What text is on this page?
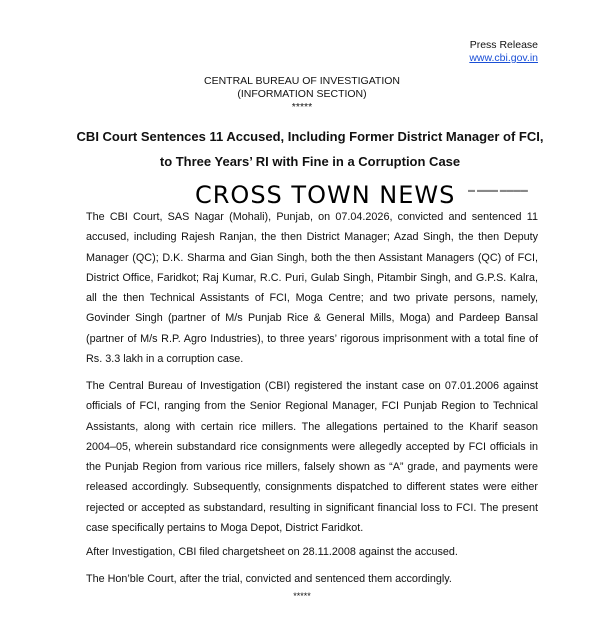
Press Release
www.cbi.gov.in
CENTRAL BUREAU OF INVESTIGATION
(INFORMATION SECTION)
*****
CBI Court Sentences 11 Accused, Including Former District Manager of FCI, to Three Years’ RI with Fine in a Corruption Case
CROSS TOWN NEWS ▬ ▬▬▬ ▬▬▬▬

The CBI Court, SAS Nagar (Mohali), Punjab, on 07.04.2026, convicted and sentenced 11 accused, including Rajesh Ranjan, the then District Manager; Azad Singh, the then Deputy Manager (QC); D.K. Sharma and Gian Singh, both the then Assistant Managers (QC) of FCI, District Office, Faridkot; Raj Kumar, R.C. Puri, Gulab Singh, Pitambir Singh, and G.P.S. Kalra, all the then Technical Assistants of FCI, Moga Centre; and two private persons, namely, Govinder Singh (partner of M/s Punjab Rice & General Mills, Moga) and Pardeep Bansal (partner of M/s R.P. Agro Industries), to three years’ rigorous imprisonment with a total fine of Rs. 3.3 lakh in a corruption case.

The Central Bureau of Investigation (CBI) registered the instant case on 07.01.2006 against officials of FCI, ranging from the Senior Regional Manager, FCI Punjab Region to Technical Assistants, along with certain rice millers. The allegations pertained to the Kharif season 2004–05, wherein substandard rice consignments were allegedly accepted by FCI officials in the Punjab Region from various rice millers, falsely shown as “A” grade, and payments were released accordingly. Subsequently, consignments dispatched to different states were either rejected or accepted as substandard, resulting in significant financial loss to FCI. The present case specifically pertains to Moga Depot, District Faridkot.

After Investigation, CBI filed chargetsheet on 28.11.2008 against the accused.

The Hon’ble Court, after the trial, convicted and sentenced them accordingly.

*****
